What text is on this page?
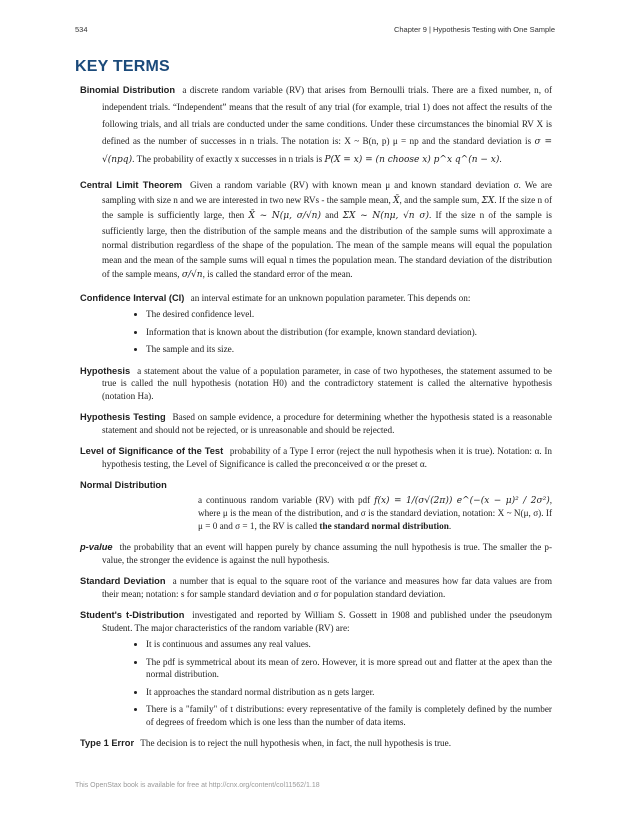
534	Chapter 9 | Hypothesis Testing with One Sample
KEY TERMS
Binomial Distribution a discrete random variable (RV) that arises from Bernoulli trials. There are a fixed number, n, of independent trials. “Independent” means that the result of any trial (for example, trial 1) does not affect the results of the following trials, and all trials are conducted under the same conditions. Under these circumstances the binomial RV X is defined as the number of successes in n trials. The notation is: X ~ B(n, p) μ = np and the standard deviation is σ = √(npq). The probability of exactly x successes in n trials is P(X = x) = (n choose x) p^x q^(n − x).
Central Limit Theorem Given a random variable (RV) with known mean μ and known standard deviation σ. We are sampling with size n and we are interested in two new RVs - the sample mean, X̄, and the sample sum, ΣX. If the size n of the sample is sufficiently large, then X̄ ~ N(μ, σ/√n) and ΣX ~ N(nμ, √n σ). If the size n of the sample is sufficiently large, then the distribution of the sample means and the distribution of the sample sums will approximate a normal distribution regardless of the shape of the population. The mean of the sample means will equal the population mean and the mean of the sample sums will equal n times the population mean. The standard deviation of the distribution of the sample means, σ/√n, is called the standard error of the mean.
Confidence Interval (CI) an interval estimate for an unknown population parameter. This depends on:
• The desired confidence level.
• Information that is known about the distribution (for example, known standard deviation).
• The sample and its size.
Hypothesis a statement about the value of a population parameter, in case of two hypotheses, the statement assumed to be true is called the null hypothesis (notation H0) and the contradictory statement is called the alternative hypothesis (notation Ha).
Hypothesis Testing Based on sample evidence, a procedure for determining whether the hypothesis stated is a reasonable statement and should not be rejected, or is unreasonable and should be rejected.
Level of Significance of the Test probability of a Type I error (reject the null hypothesis when it is true). Notation: α. In hypothesis testing, the Level of Significance is called the preconceived α or the preset α.
Normal Distribution
a continuous random variable (RV) with pdf f(x) = 1/(σ√(2π)) e^(−(x − μ)² / 2σ²), where μ is the mean of the distribution, and σ is the standard deviation, notation: X ~ N(μ, σ). If μ = 0 and σ = 1, the RV is called the standard normal distribution.
p-value the probability that an event will happen purely by chance assuming the null hypothesis is true. The smaller the p-value, the stronger the evidence is against the null hypothesis.
Standard Deviation a number that is equal to the square root of the variance and measures how far data values are from their mean; notation: s for sample standard deviation and σ for population standard deviation.
Student's t-Distribution investigated and reported by William S. Gossett in 1908 and published under the pseudonym Student. The major characteristics of the random variable (RV) are:
• It is continuous and assumes any real values.
• The pdf is symmetrical about its mean of zero. However, it is more spread out and flatter at the apex than the normal distribution.
• It approaches the standard normal distribution as n gets larger.
• There is a "family" of t distributions: every representative of the family is completely defined by the number of degrees of freedom which is one less than the number of data items.
Type 1 Error The decision is to reject the null hypothesis when, in fact, the null hypothesis is true.
This OpenStax book is available for free at http://cnx.org/content/col11562/1.18
